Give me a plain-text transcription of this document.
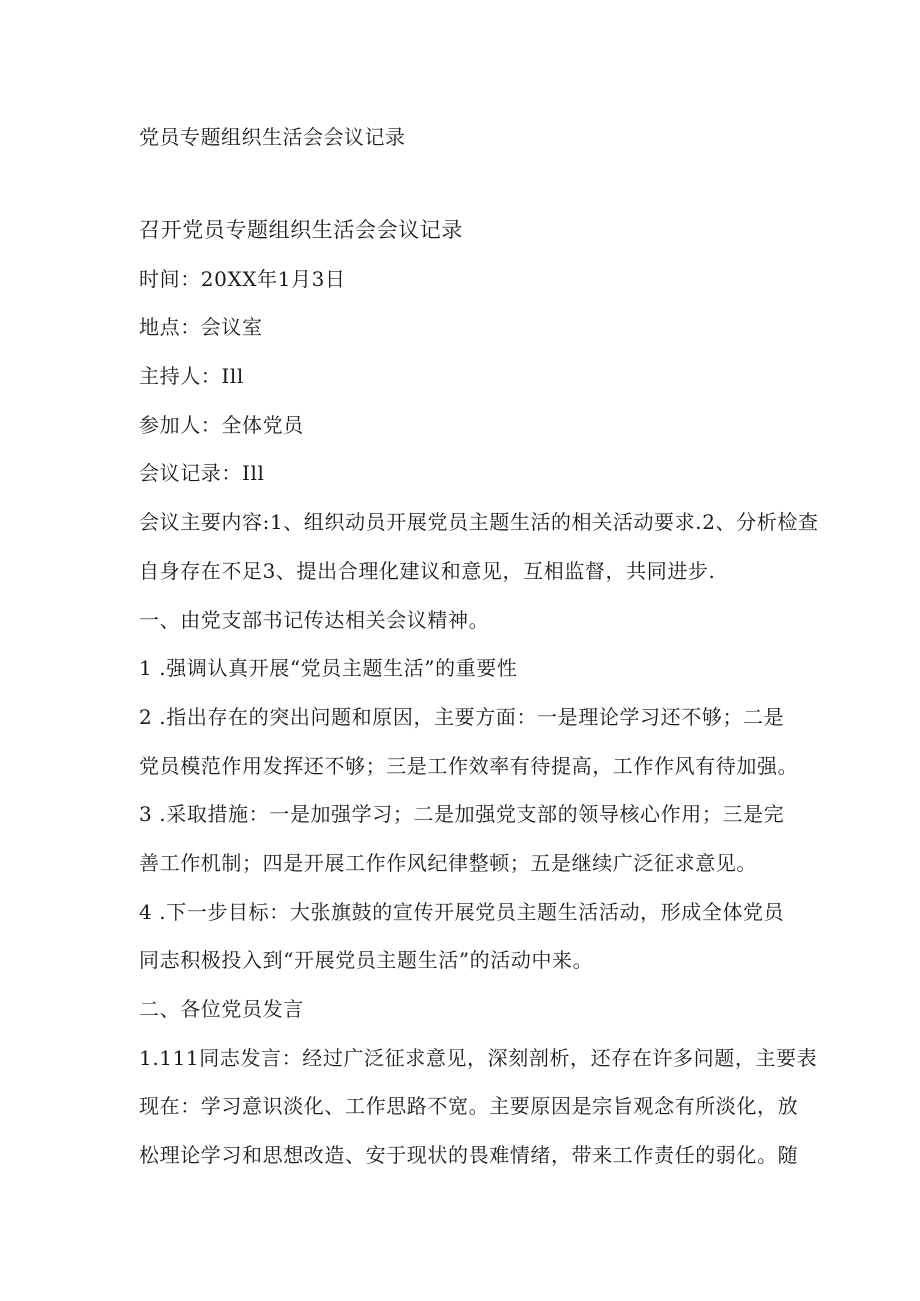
党员专题组织生活会会议记录
召开党员专题组织生活会会议记录
时间：20XX年1月3日
地点：会议室
主持人：Ill
参加人：全体党员
会议记录：Ill
会议主要内容:1、组织动员开展党员主题生活的相关活动要求.2、分析检查
自身存在不足3、提出合理化建议和意见，互相监督，共同进步.
一、由党支部书记传达相关会议精神。
1 .强调认真开展“党员主题生活”的重要性
2 .指出存在的突出问题和原因，主要方面：一是理论学习还不够；二是
党员模范作用发挥还不够；三是工作效率有待提高，工作作风有待加强。
3 .采取措施：一是加强学习；二是加强党支部的领导核心作用；三是完
善工作机制；四是开展工作作风纪律整顿；五是继续广泛征求意见。
4 .下一步目标：大张旗鼓的宣传开展党员主题生活活动，形成全体党员
同志积极投入到“开展党员主题生活”的活动中来。
二、各位党员发言
1.111同志发言：经过广泛征求意见，深刻剖析，还存在许多问题，主要表
现在：学习意识淡化、工作思路不宽。主要原因是宗旨观念有所淡化，放
松理论学习和思想改造、安于现状的畏难情绪，带来工作责任的弱化。随
